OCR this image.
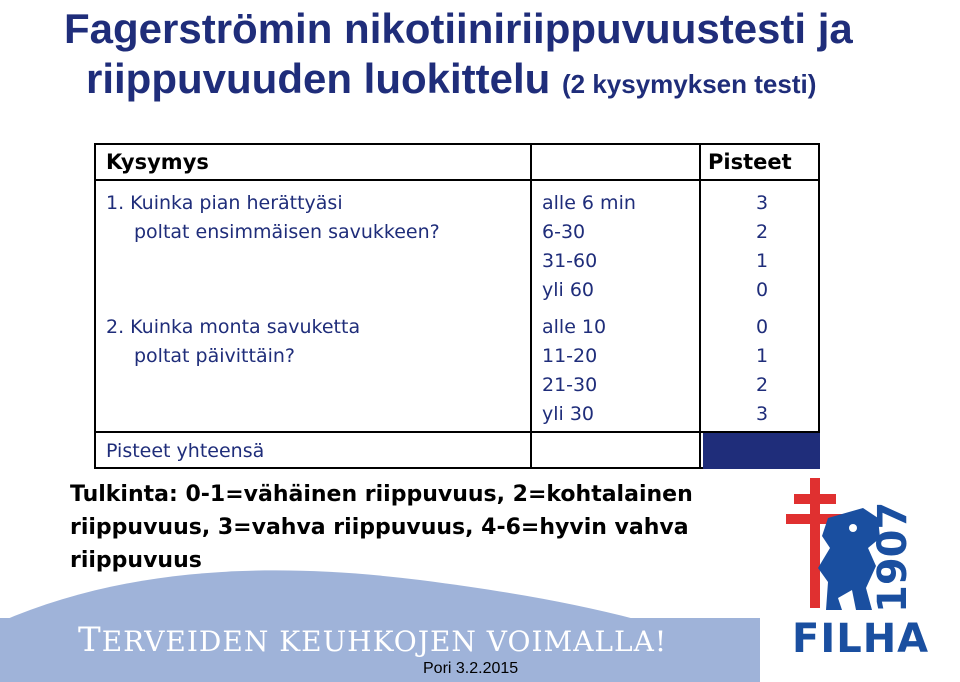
Fagerströmin nikotiiniriippuvuustesti ja
riippuvuuden luokittelu (2 kysymyksen testi)
Kysymys	Pisteet
1. Kuinka pian herättyäsi
poltat ensimmäisen savukkeen?
alle 6 min
6-30
31-60
yli 60
3
2
1
0
2. Kuinka monta savuketta
poltat päivittäin?
alle 10
11-20
21-30
yli 30
0
1
2
3
Pisteet yhteensä
Tulkinta: 0-1=vähäinen riippuvuus, 2=kohtalainen riippuvuus, 3=vahva riippuvuus, 4-6=hyvin vahva riippuvuus
TERVEIDEN KEUHKOJEN VOIMALLA!
Pori 3.2.2015
1907
FILHA
